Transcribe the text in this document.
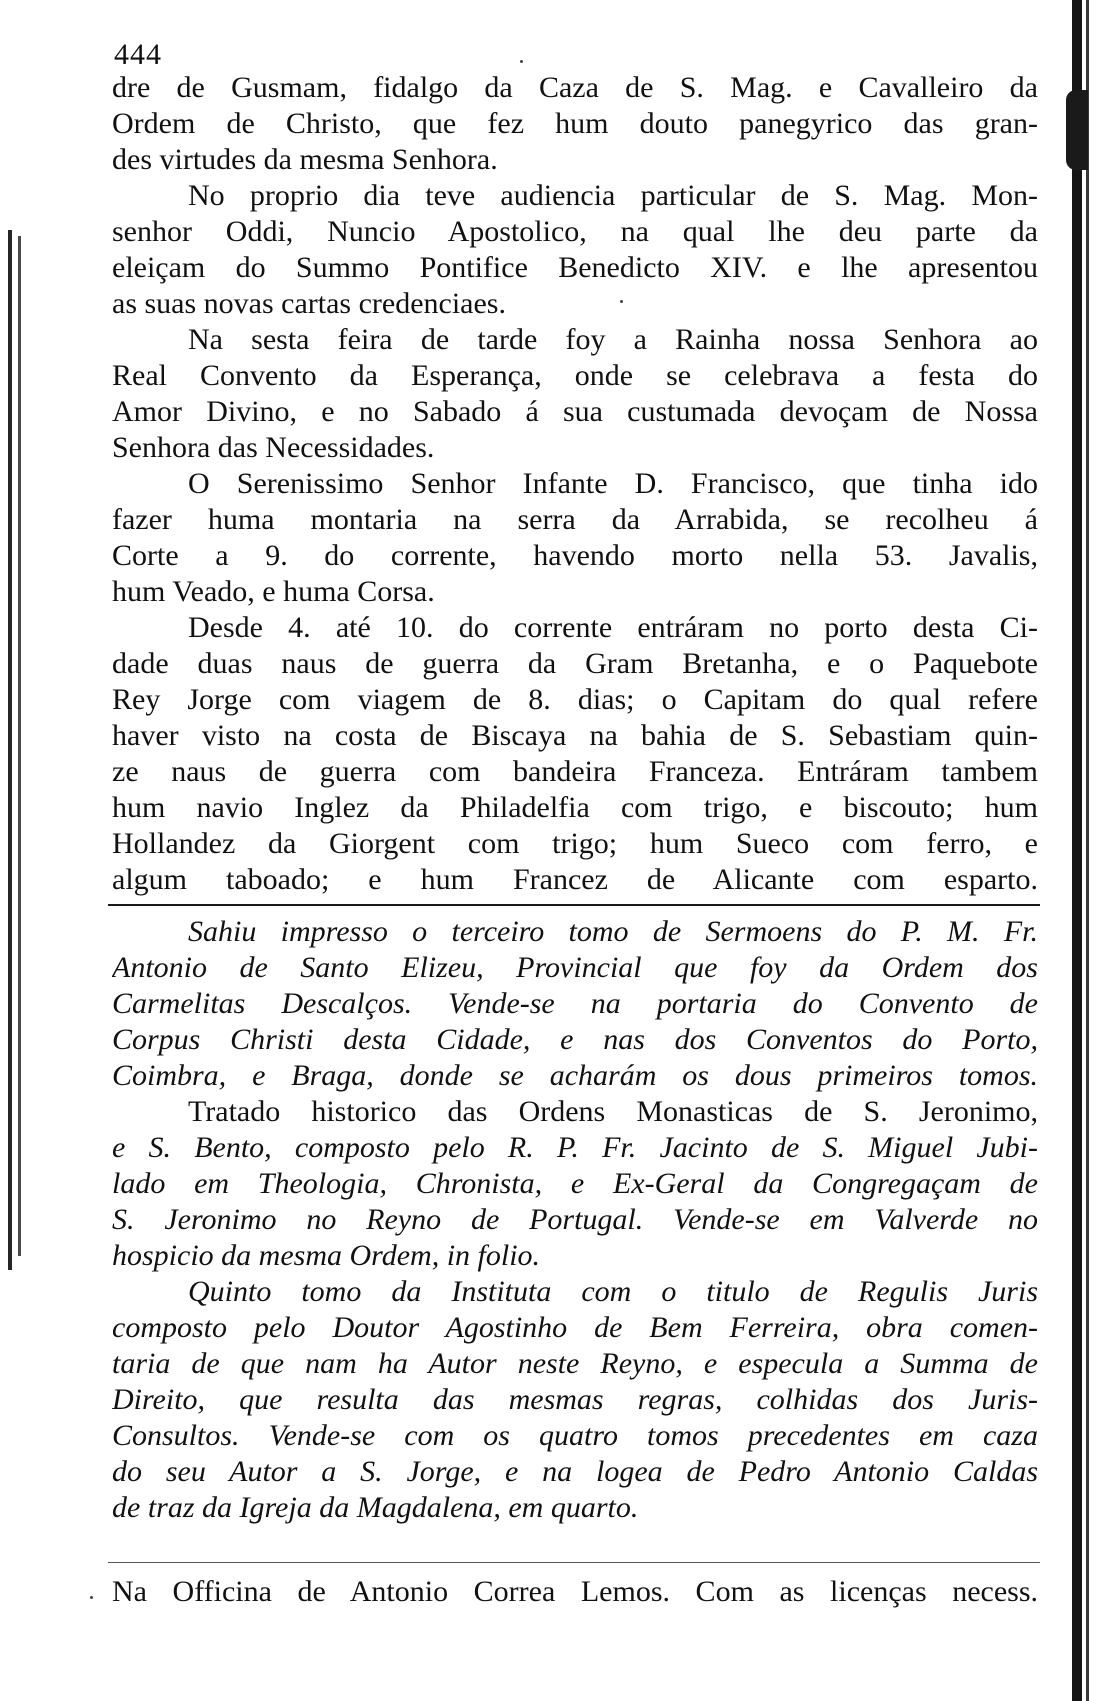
444
dre de Gusmam, fidalgo da Caza de S. Mag. e Cavalleiro da
Ordem de Christo, que fez hum douto panegyrico das gran-
des virtudes da mesma Senhora.
No proprio dia teve audiencia particular de S. Mag. Mon-
senhor Oddi, Nuncio Apostolico, na qual lhe deu parte da
eleiçam do Summo Pontifice Benedicto XIV. e lhe apresentou
as suas novas cartas credenciaes.
Na sesta feira de tarde foy a Rainha nossa Senhora ao
Real Convento da Esperança, onde se celebrava a festa do
Amor Divino, e no Sabado á sua custumada devoçam de Nossa
Senhora das Necessidades.
O Serenissimo Senhor Infante D. Francisco, que tinha ido
fazer huma montaria na serra da Arrabida, se recolheu á
Corte a 9. do corrente, havendo morto nella 53. Javalis,
hum Veado, e huma Corsa.
Desde 4. até 10. do corrente entráram no porto desta Ci-
dade duas naus de guerra da Gram Bretanha, e o Paquebote
Rey Jorge com viagem de 8. dias; o Capitam do qual refere
haver visto na costa de Biscaya na bahia de S. Sebastiam quin-
ze naus de guerra com bandeira Franceza. Entráram tambem
hum navio Inglez da Philadelfia com trigo, e biscouto; hum
Hollandez da Giorgent com trigo; hum Sueco com ferro, e
algum taboado; e hum Francez de Alicante com esparto.
Sahiu impresso o terceiro tomo de Sermoens do P. M. Fr.
Antonio de Santo Elizeu, Provincial que foy da Ordem dos
Carmelitas Descalços. Vende-se na portaria do Convento de
Corpus Christi desta Cidade, e nas dos Conventos do Porto,
Coimbra, e Braga, donde se acharám os dous primeiros tomos.
Tratado historico das Ordens Monasticas de S. Jeronimo,
e S. Bento, composto pelo R. P. Fr. Jacinto de S. Miguel Jubi-
lado em Theologia, Chronista, e Ex-Geral da Congregaçam de
S. Jeronimo no Reyno de Portugal. Vende-se em Valverde no
hospicio da mesma Ordem, in folio.
Quinto tomo da Instituta com o titulo de Regulis Juris
composto pelo Doutor Agostinho de Bem Ferreira, obra comen-
taria de que nam ha Autor neste Reyno, e especula a Summa de
Direito, que resulta das mesmas regras, colhidas dos Juris-
Consultos. Vende-se com os quatro tomos precedentes em caza
do seu Autor a S. Jorge, e na logea de Pedro Antonio Caldas
de traz da Igreja da Magdalena, em quarto.
Na Officina de Antonio Correa Lemos. Com as licenças necess.
